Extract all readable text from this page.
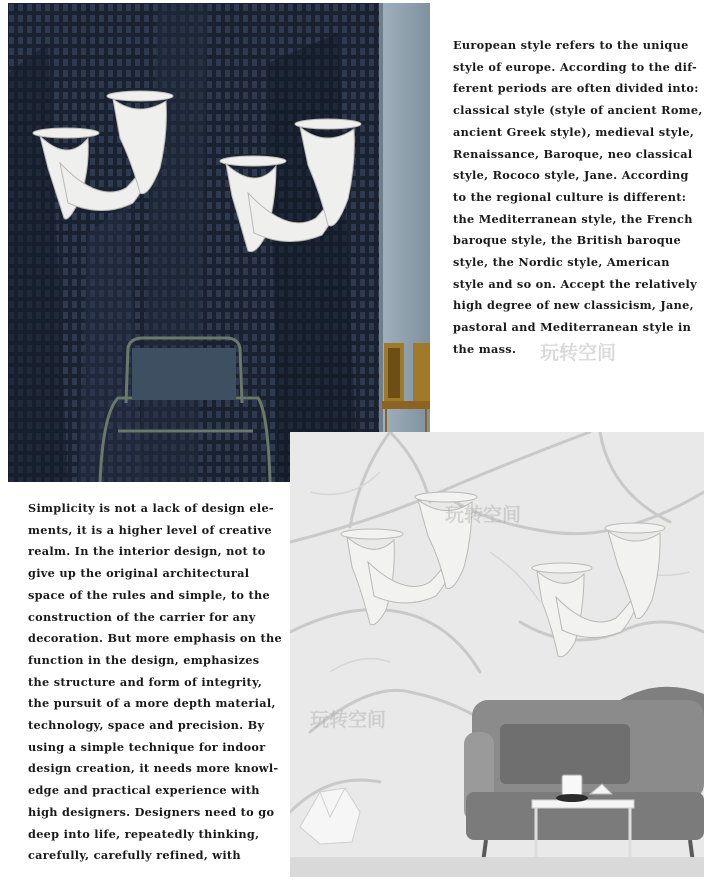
European style refers to the unique
style of europe. According to the dif-
ferent periods are often divided into:
classical style (style of ancient Rome,
ancient Greek style), medieval style,
Renaissance, Baroque, neo classical
style, Rococo style, Jane. According
to the regional culture is different:
the Mediterranean style, the French
baroque style, the British baroque
style, the Nordic style, American
style and so on. Accept the relatively
high degree of new classicism, Jane,
pastoral and Mediterranean style in
the mass.
Simplicity is not a lack of design ele-
ments, it is a higher level of creative
realm. In the interior design, not to
give up the original architectural
space of the rules and simple, to the
construction of the carrier for any
decoration. But more emphasis on the
function in the design, emphasizes
the structure and form of integrity,
the pursuit of a more depth material,
technology, space and precision. By
using a simple technique for indoor
design creation, it needs more knowl-
edge and practical experience with
high designers. Designers need to go
deep into life, repeatedly thinking,
carefully, carefully refined, with
玩转空间
玩转空间
玩转空间
